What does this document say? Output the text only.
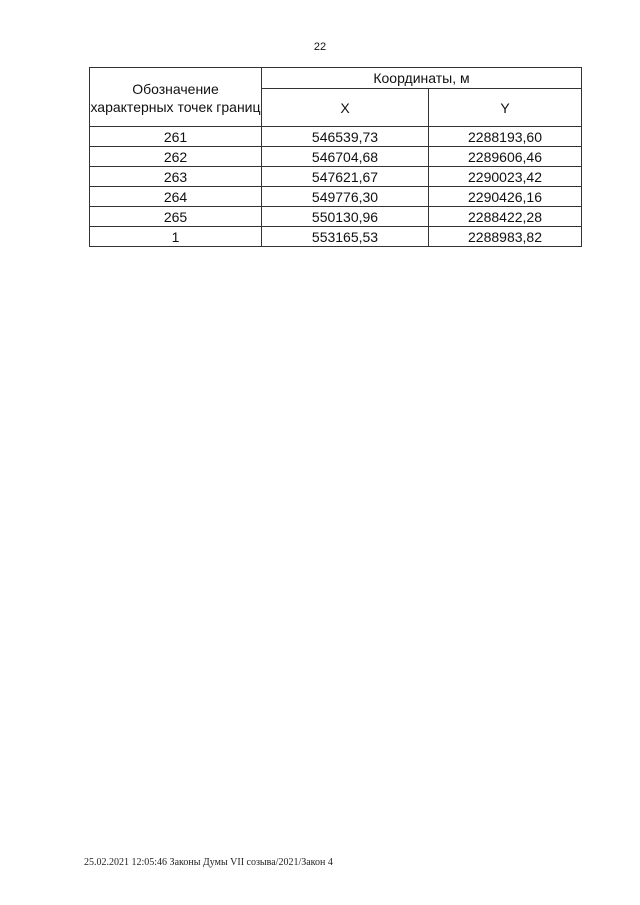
22
Обозначение характерных точек границ	Координаты, м	
	X	Y
261	546539,73	2288193,60
262	546704,68	2289606,46
263	547621,67	2290023,42
264	549776,30	2290426,16
265	550130,96	2288422,28
1	553165,53	2288983,82
25.02.2021 12:05:46 Законы Думы VII созыва/2021/Закон 4
